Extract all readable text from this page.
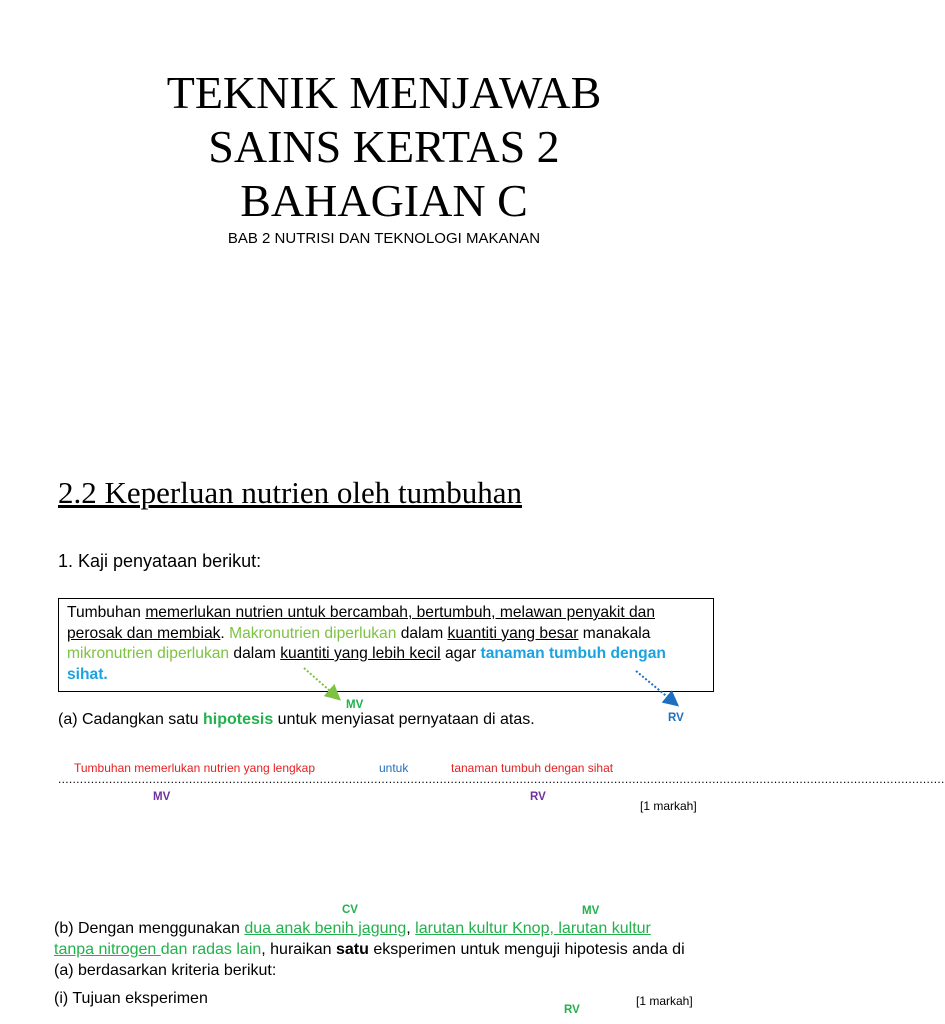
TEKNIK MENJAWAB
SAINS KERTAS 2
BAHAGIAN C
BAB 2 NUTRISI DAN TEKNOLOGI MAKANAN
2.2 Keperluan nutrien oleh tumbuhan
1. Kaji penyataan berikut:
Tumbuhan memerlukan nutrien untuk bercambah, bertumbuh, melawan penyakit dan perosak dan membiak. Makronutrien diperlukan dalam kuantiti yang besar manakala mikronutrien diperlukan dalam kuantiti yang lebih kecil agar tanaman tumbuh dengan sihat.
MV
RV
(a) Cadangkan satu hipotesis untuk menyiasat pernyataan di atas.
Tumbuhan memerlukan nutrien yang lengkap	untuk	tanaman tumbuh dengan sihat
....................................................................................................................................................................................................................................................
MV	RV
[1 markah]
CV	MV
(b) Dengan menggunakan dua anak benih jagung, larutan kultur Knop, larutan kultur tanpa nitrogen dan radas lain, huraikan satu eksperimen untuk menguji hipotesis anda di (a) berdasarkan kriteria berikut:
(i) Tujuan eksperimen	[1 markah]
RV
